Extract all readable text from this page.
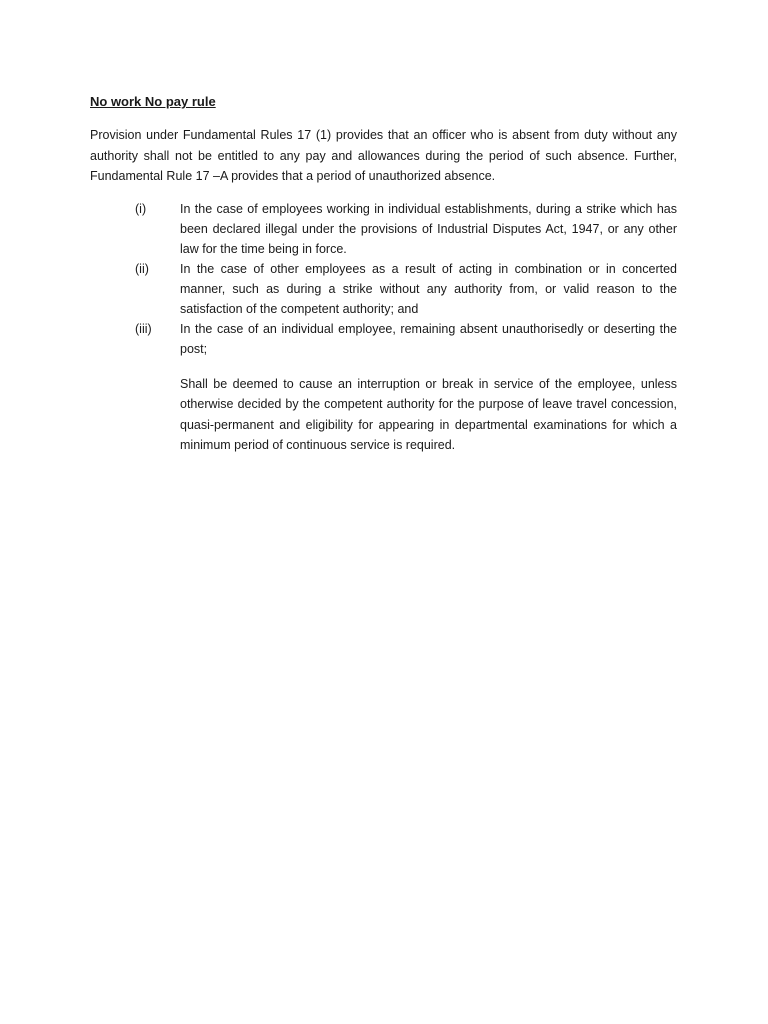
No work No pay rule

Provision under Fundamental Rules 17 (1) provides that an officer who is absent from duty without any authority shall not be entitled to any pay and allowances during the period of such absence. Further, Fundamental Rule 17 –A provides that a period of unauthorized absence.

(i)	In the case of employees working in individual establishments, during a strike which has been declared illegal under the provisions of Industrial Disputes Act, 1947, or any other law for the time being in force.
(ii)	In the case of other employees as a result of acting in combination or in concerted manner, such as during a strike without any authority from, or valid reason to the satisfaction of the competent authority; and
(iii)	In the case of an individual employee, remaining absent unauthorisedly or deserting the post;

Shall be deemed to cause an interruption or break in service of the employee, unless otherwise decided by the competent authority for the purpose of leave travel concession, quasi-permanent and eligibility for appearing in departmental examinations for which a minimum period of continuous service is required.
